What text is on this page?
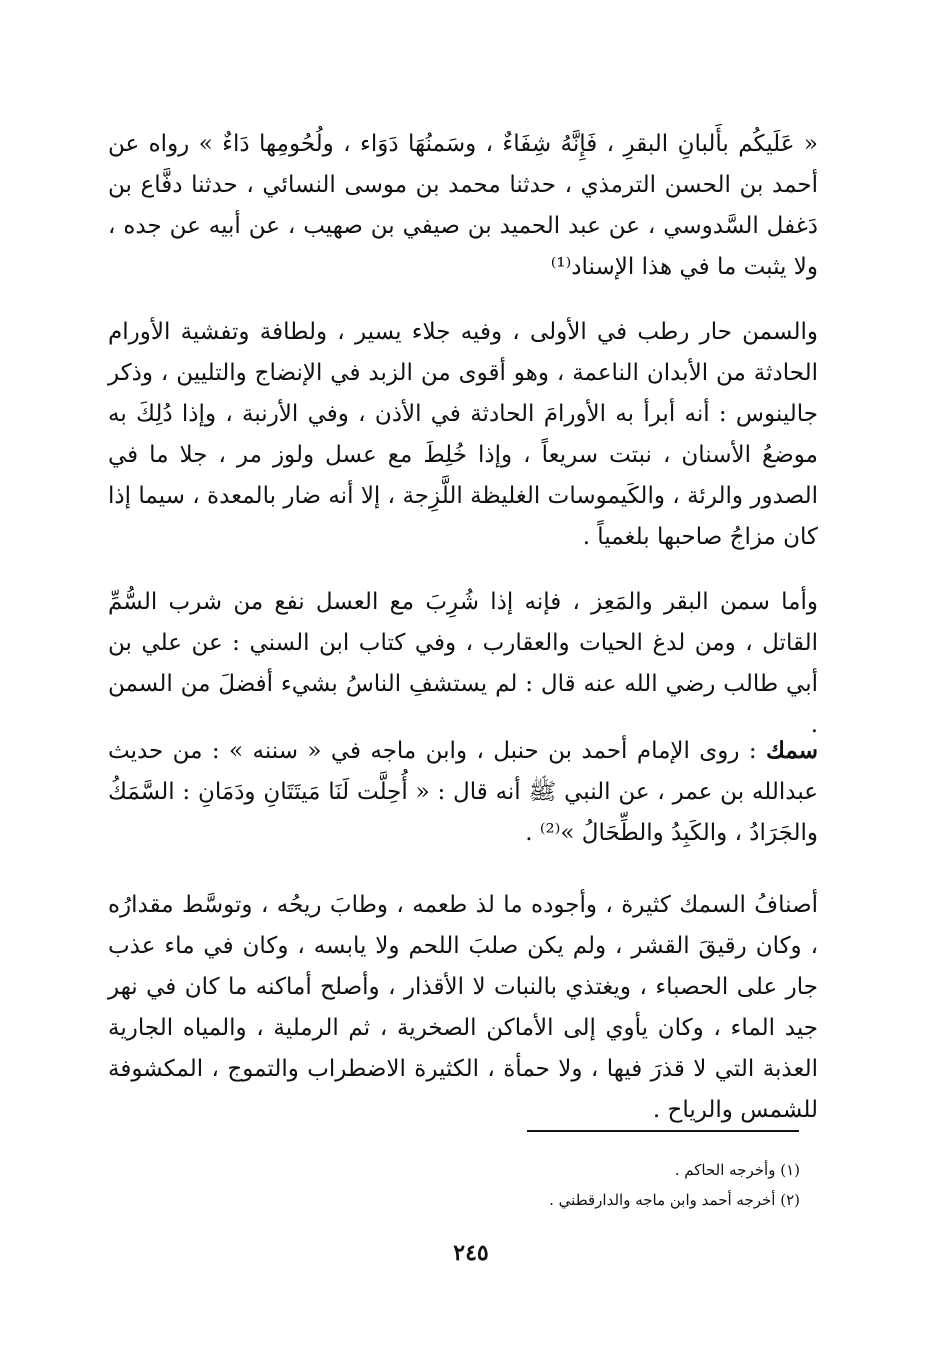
« عَلَيكُم بأَلبانِ البقرِ ، فَإِنَّهُ شِفَاءٌ ، وسَمنُهَا دَوَاء ، ولُحُومِها دَاءٌ » رواه عن أحمد بن الحسن الترمذي ، حدثنا محمد بن موسى النسائي ، حدثنا دفَّاع بن دَغفل السَّدوسي ، عن عبد الحميد بن صيفي بن صهيب ، عن أبيه عن جده ، ولا يثبت ما في هذا الإسناد⁽¹⁾

والسمن حار رطب في الأولى ، وفيه جلاء يسير ، ولطافة وتفشية الأورام الحادثة من الأبدان الناعمة ، وهو أقوى من الزبد في الإنضاج والتليين ، وذكر جالينوس : أنه أبرأ به الأورامَ الحادثة في الأذن ، وفي الأرنبة ، وإذا دُلِكَ به موضعُ الأسنان ، نبتت سريعاً ، وإذا خُلِطَ مع عسل ولوز مر ، جلا ما في الصدور والرئة ، والكَيموسات الغليظة اللَّزِجة ، إلا أنه ضار بالمعدة ، سيما إذا كان مزاجُ صاحبها بلغمياً .

وأما سمن البقر والمَعِز ، فإنه إذا شُرِبَ مع العسل نفع من شرب السُّمِّ القاتل ، ومن لدغ الحيات والعقارب ، وفي كتاب ابن السني : عن علي بن أبي طالب رضي الله عنه قال : لم يستشفِ الناسُ بشيء أفضلَ من السمن .

سمك : روى الإمام أحمد بن حنبل ، وابن ماجه في « سننه » : من حديث عبدالله بن عمر ، عن النبي ﷺ أنه قال : « أُحِلَّت لَنَا مَيتَتَانِ ودَمَانِ : السَّمَكُ والجَرَادُ ، والكَبِدُ والطِّحَالُ »⁽²⁾ .

أصنافُ السمك كثيرة ، وأجوده ما لذ طعمه ، وطابَ ريحُه ، وتوسَّط مقدارُه ، وكان رقيقَ القشر ، ولم يكن صلبَ اللحم ولا يابسه ، وكان في ماء عذب جار على الحصباء ، ويغتذي بالنبات لا الأقذار ، وأصلح أماكنه ما كان في نهر جيد الماء ، وكان يأوي إلى الأماكن الصخرية ، ثم الرملية ، والمياه الجارية العذبة التي لا قذرَ فيها ، ولا حمأة ، الكثيرة الاضطراب والتموج ، المكشوفة للشمس والرياح .

(١) وأخرجه الحاكم .
(٢) أخرجه أحمد وابن ماجه والدارقطني .
٢٤٥
